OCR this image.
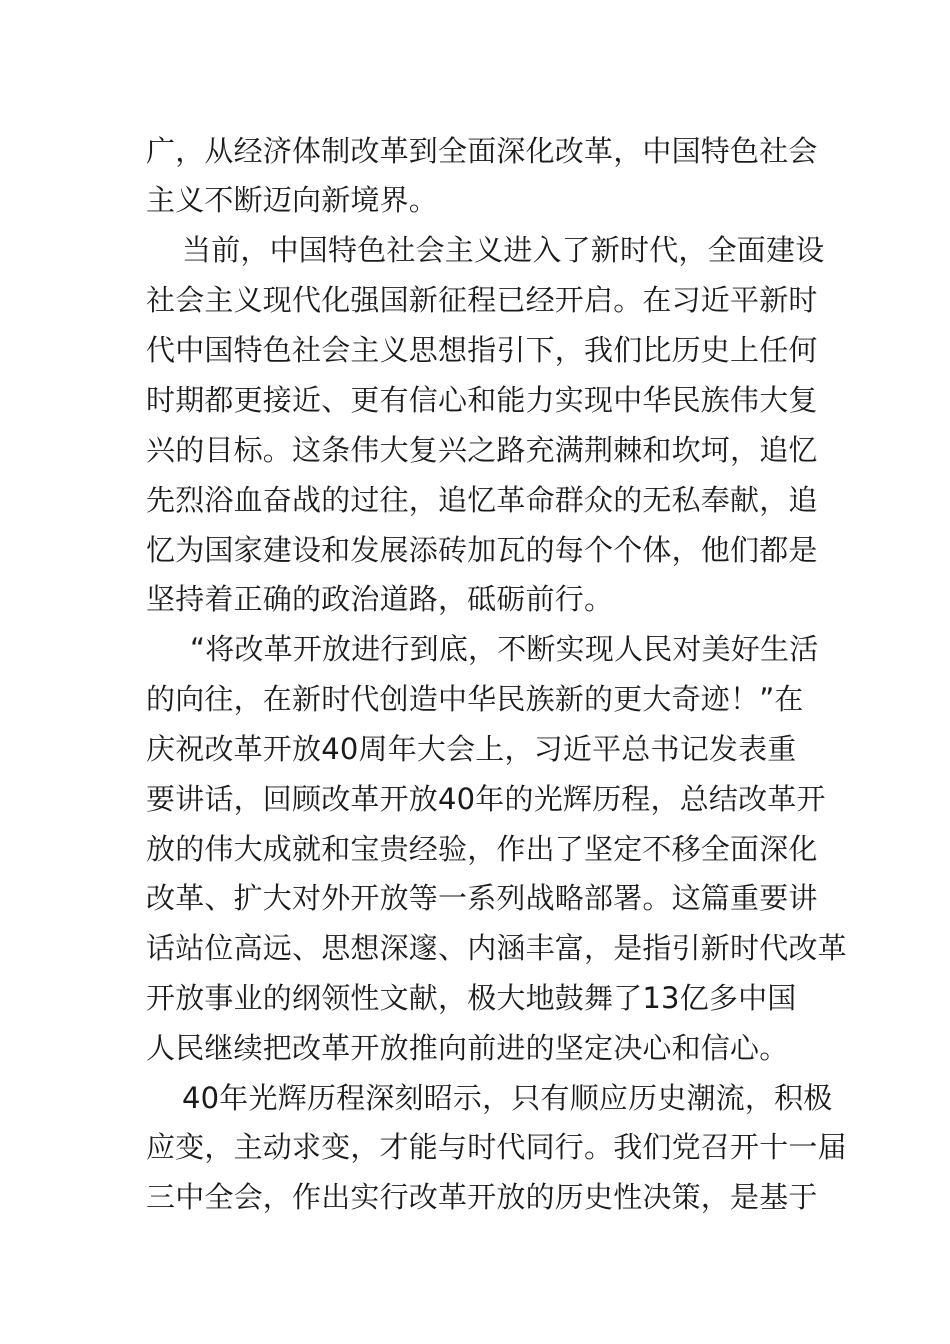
广，从经济体制改革到全面深化改革，中国特色社会
主义不断迈向新境界。
当前，中国特色社会主义进入了新时代，全面建设
社会主义现代化强国新征程已经开启。在习近平新时
代中国特色社会主义思想指引下，我们比历史上任何
时期都更接近、更有信心和能力实现中华民族伟大复
兴的目标。这条伟大复兴之路充满荆棘和坎坷，追忆
先烈浴血奋战的过往，追忆革命群众的无私奉献，追
忆为国家建设和发展添砖加瓦的每个个体，他们都是
坚持着正确的政治道路，砥砺前行。
“将改革开放进行到底，不断实现人民对美好生活
的向往，在新时代创造中华民族新的更大奇迹！”在
庆祝改革开放40周年大会上，习近平总书记发表重
要讲话，回顾改革开放40年的光辉历程，总结改革开
放的伟大成就和宝贵经验，作出了坚定不移全面深化
改革、扩大对外开放等一系列战略部署。这篇重要讲
话站位高远、思想深邃、内涵丰富，是指引新时代改革
开放事业的纲领性文献，极大地鼓舞了13亿多中国
人民继续把改革开放推向前进的坚定决心和信心。
40年光辉历程深刻昭示，只有顺应历史潮流，积极
应变，主动求变，才能与时代同行。我们党召开十一届
三中全会，作出实行改革开放的历史性决策，是基于
